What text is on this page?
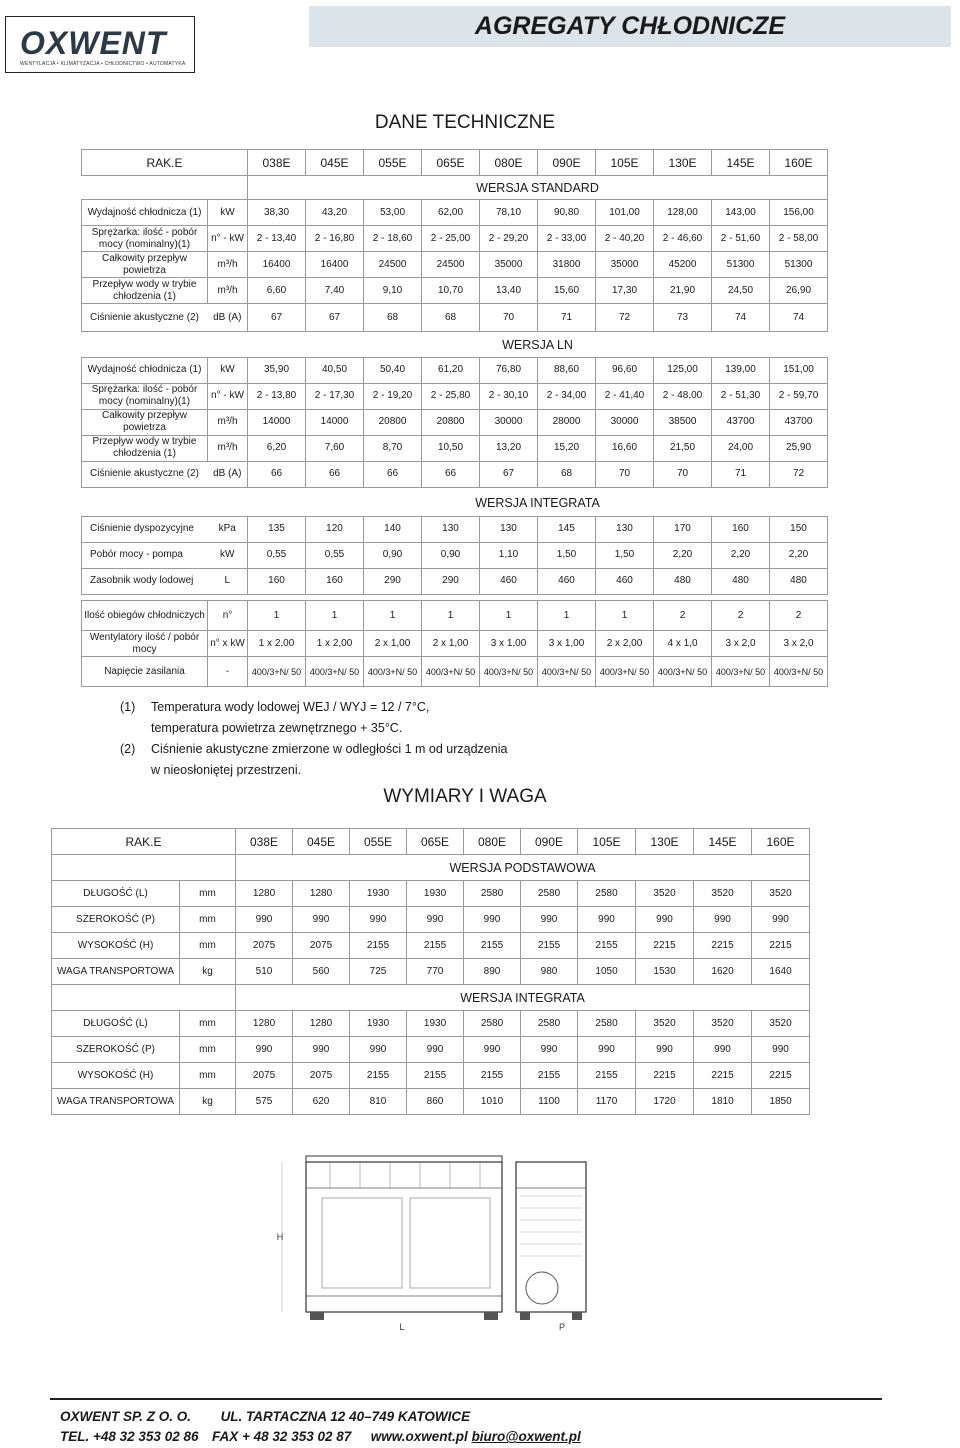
OXWENT
WENTYLACJA • KLIMATYZACJA • CHŁODNICTWO • AUTOMATYKA
AGREGATY CHŁODNICZE
DANE TECHNICZNE
RAK.E		038E	045E	055E	065E	080E	090E	105E	130E	145E	160E
		WERSJA STANDARD									
Wydajność chłodnicza (1)	kW	38,30	43,20	53,00	62,00	78,10	90,80	101,00	128,00	143,00	156,00
Sprężarka: ilość - pobór mocy (nominalny)(1)	n° - kW	2 - 13,40	2 - 16,80	2 - 18,60	2 - 25,00	2 - 29,20	2 - 33,00	2 - 40,20	2 - 46,60	2 - 51,60	2 - 58,00
Całkowity przepływ powietrza	m³/h	16400	16400	24500	24500	35000	31800	35000	45200	51300	51300
Przepływ wody w trybie chłodzenia (1)	m³/h	6,60	7,40	9,10	10,70	13,40	15,60	17,30	21,90	24,50	26,90
Ciśnienie akustyczne (2)	dB (A)	67	67	68	68	70	71	72	73	74	74
		WERSJA LN									
Wydajność chłodnicza (1)	kW	35,90	40,50	50,40	61,20	76,80	88,60	96,60	125,00	139,00	151,00
Sprężarka: ilość - pobór mocy (nominalny)(1)	n° - kW	2 - 13,80	2 - 17,30	2 - 19,20	2 - 25,80	2 - 30,10	2 - 34,00	2 - 41,40	2 - 48,00	2 - 51,30	2 - 59,70
Całkowity przepływ powietrza	m³/h	14000	14000	20800	20800	30000	28000	30000	38500	43700	43700
Przepływ wody w trybie chłodzenia (1)	m³/h	6,20	7,60	8,70	10,50	13,20	15,20	16,60	21,50	24,00	25,90
Ciśnienie akustyczne (2)	dB (A)	66	66	66	66	67	68	70	70	71	72
		WERSJA INTEGRATA									
Ciśnienie dyspozycyjne	kPa	135	120	140	130	130	145	130	170	160	150
Pobór mocy - pompa	kW	0,55	0,55	0,90	0,90	1,10	1,50	1,50	2,20	2,20	2,20
Zasobnik wody lodowej	L	160	160	290	290	460	460	460	480	480	480
Ilość obiegów chłodniczych	n°	1	1	1	1	1	1	1	2	2	2
Wentylatory ilość / pobór mocy	n° x kW	1 x 2,00	1 x 2,00	2 x 1,00	2 x 1,00	3 x 1,00	3 x 1,00	2 x 2,00	4 x 1,0	3 x 2,0	3 x 2,0
Napięcie zasilania	-	400/3+N/ 50	400/3+N/ 50	400/3+N/ 50	400/3+N/ 50	400/3+N/ 50	400/3+N/ 50	400/3+N/ 50	400/3+N/ 50	400/3+N/ 50	400/3+N/ 50
(1) Temperatura wody lodowej WEJ / WYJ = 12 / 7°C,
temperatura powietrza zewnętrznego + 35°C.
(2) Ciśnienie akustyczne zmierzone w odległości 1 m od urządzenia
w nieosłoniętej przestrzeni.
WYMIARY I WAGA
RAK.E		038E	045E	055E	065E	080E	090E	105E	130E	145E	160E
		WERSJA PODSTAWOWA									
DŁUGOŚĆ (L)	mm	1280	1280	1930	1930	2580	2580	2580	3520	3520	3520
SZEROKOŚĆ (P)	mm	990	990	990	990	990	990	990	990	990	990
WYSOKOŚĆ (H)	mm	2075	2075	2155	2155	2155	2155	2155	2215	2215	2215
WAGA TRANSPORTOWA	kg	510	560	725	770	890	980	1050	1530	1620	1640
		WERSJA INTEGRATA									
DŁUGOŚĆ (L)	mm	1280	1280	1930	1930	2580	2580	2580	3520	3520	3520
SZEROKOŚĆ (P)	mm	990	990	990	990	990	990	990	990	990	990
WYSOKOŚĆ (H)	mm	2075	2075	2155	2155	2155	2155	2155	2215	2215	2215
WAGA TRANSPORTOWA	kg	575	620	810	860	1010	1100	1170	1720	1810	1850
H
L	P
OXWENT SP. Z O. O. UL. TARTACZNA 12 40–749 KATOWICE
TEL. +48 32 353 02 86 FAX + 48 32 353 02 87 www.oxwent.pl biuro@oxwent.pl
